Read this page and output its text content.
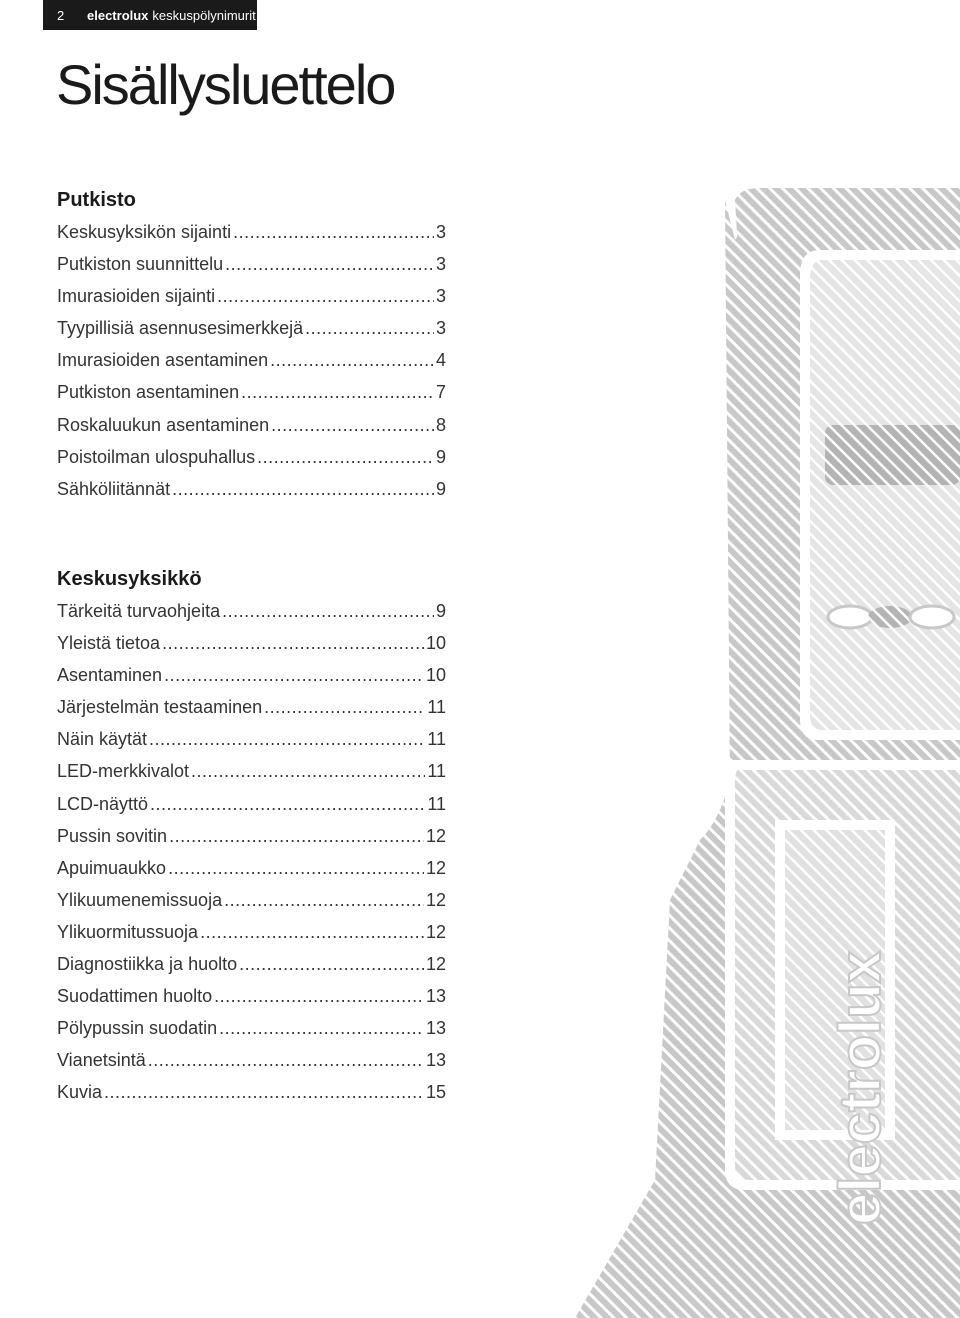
2	electrolux keskuspölynimurit
Sisällysluettelo
Putkisto
Keskusyksikön sijainti .....	3
Putkiston suunnittelu .....	3
Imurasioiden sijainti .....	3
Tyypillisiä asennusesimerkkejä .....	3
Imurasioiden asentaminen .....	4
Putkiston asentaminen .....	7
Roskaluukun asentaminen .....	8
Poistoilman ulospuhallus .....	9
Sähköliitännät .....	9
Keskusyksikkö
Tärkeitä turvaohjeita .....	9
Yleistä tietoa .....	10
Asentaminen .....	10
Järjestelmän testaaminen .....	11
Näin käytät .....	11
LED-merkkivalot .....	11
LCD-näyttö .....	11
Pussin sovitin .....	12
Apuimuaukko .....	12
Ylikuumenemissuoja .....	12
Ylikuormitussuoja .....	12
Diagnostiikka ja huolto .....	12
Suodattimen huolto .....	13
Pölypussin suodatin .....	13
Vianetsintä .....	13
Kuvia .....	15	electrolux
